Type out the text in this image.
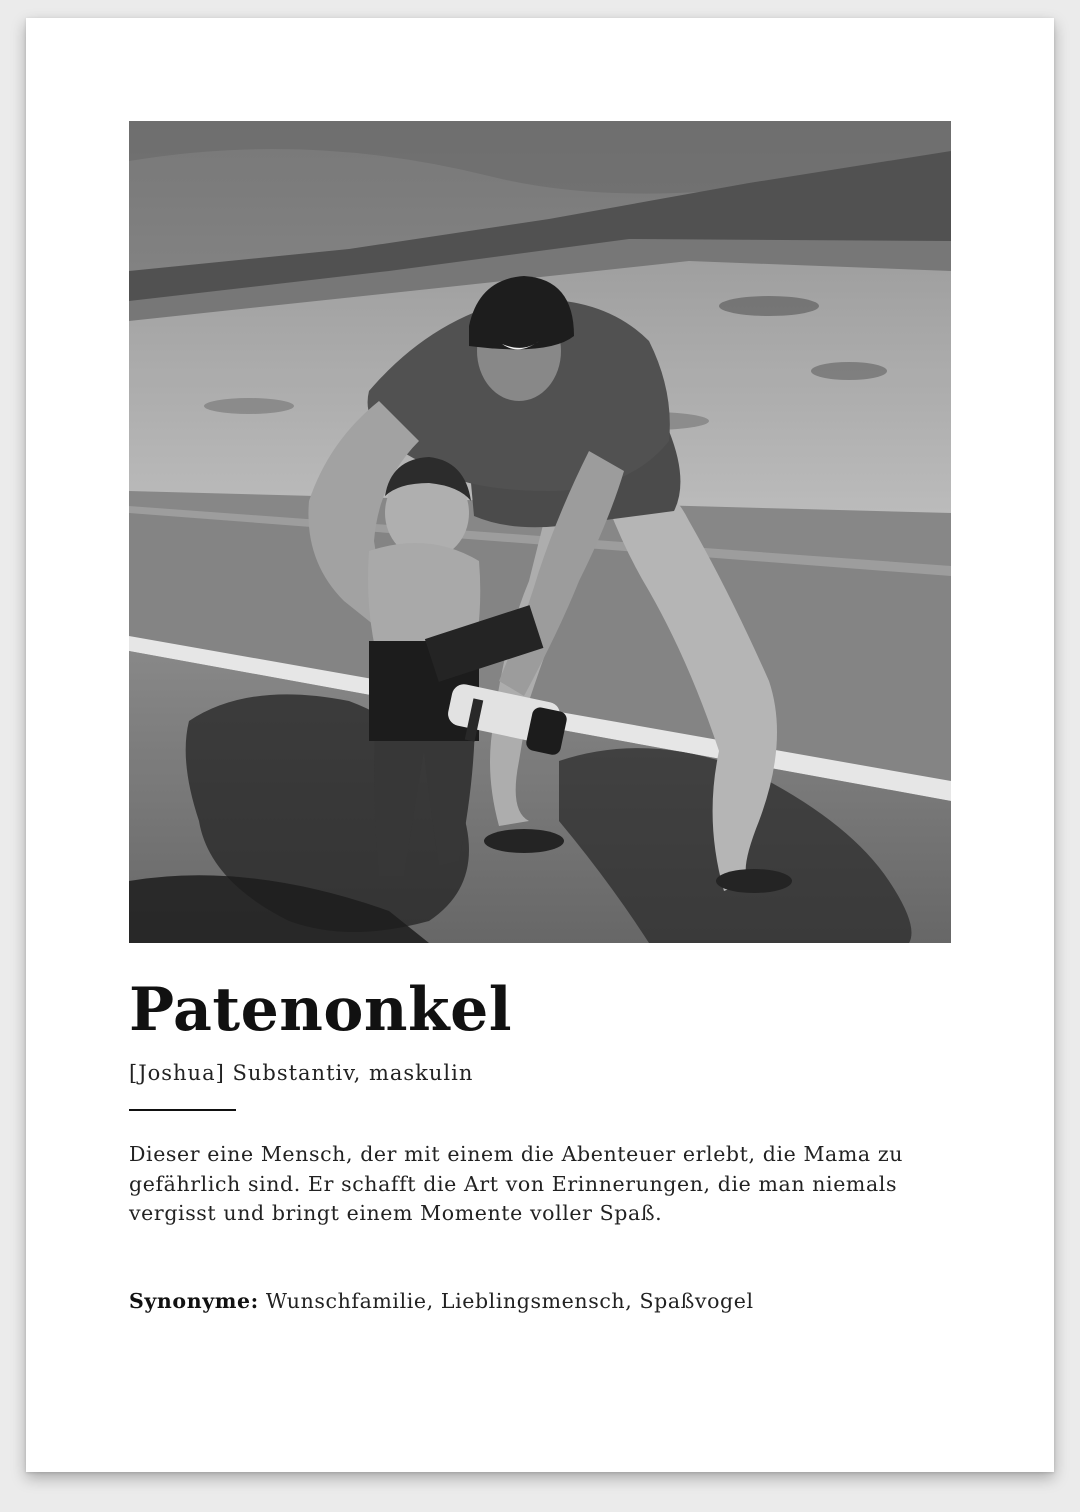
Patenonkel
[Joshua] Substantiv, maskulin

Dieser eine Mensch, der mit einem die Abenteuer erlebt, die Mama zu gefährlich sind. Er schafft die Art von Erinnerungen, die man niemals vergisst und bringt einem Momente voller Spaß.

Synonyme: Wunschfamilie, Lieblingsmensch, Spaßvogel
